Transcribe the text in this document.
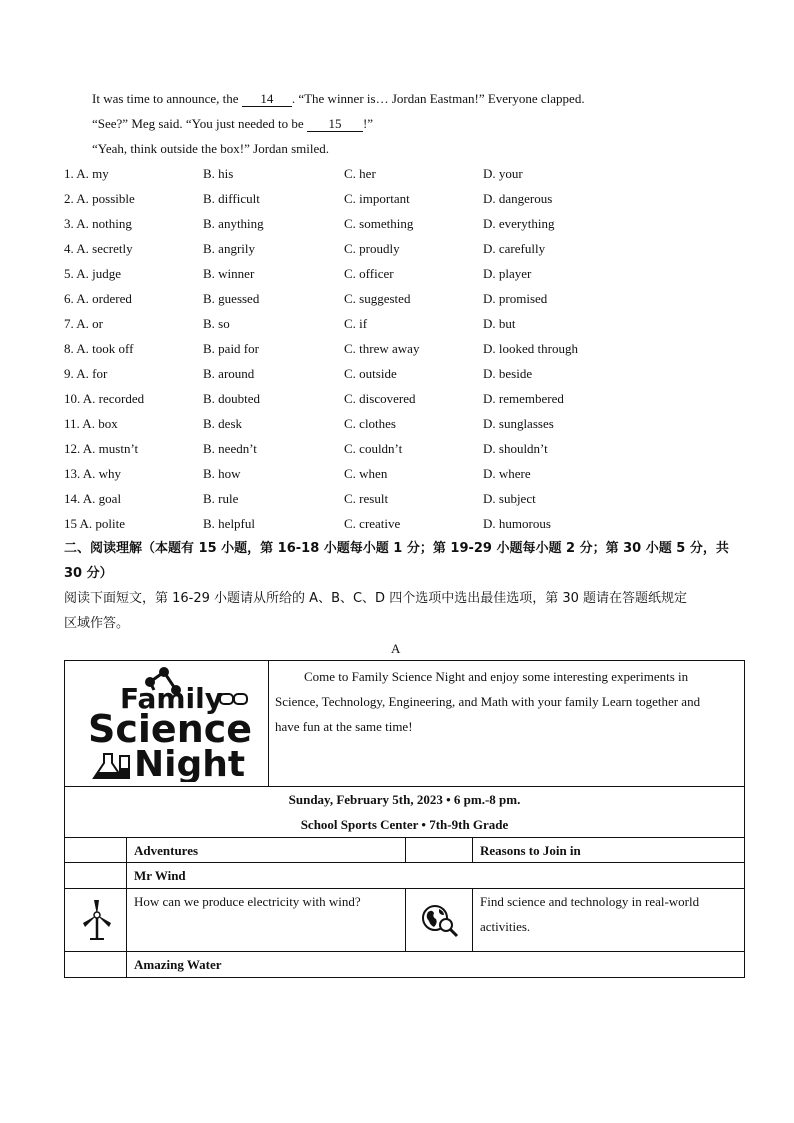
It was time to announce, the 14 . “The winner is… Jordan Eastman!” Everyone clapped.
“See?” Meg said. “You just needed to be 15 !”
“Yeah, think outside the box!” Jordan smiled.
1. A. my	B. his	C. her	D. your
2. A. possible	B. difficult	C. important	D. dangerous
3. A. nothing	B. anything	C. something	D. everything
4. A. secretly	B. angrily	C. proudly	D. carefully
5. A. judge	B. winner	C. officer	D. player
6. A. ordered	B. guessed	C. suggested	D. promised
7. A. or	B. so	C. if	D. but
8. A. took off	B. paid for	C. threw away	D. looked through
9. A. for	B. around	C. outside	D. beside
10. A. recorded	B. doubted	C. discovered	D. remembered
11. A. box	B. desk	C. clothes	D. sunglasses
12. A. mustn’t	B. needn’t	C. couldn’t	D. shouldn’t
13. A. why	B. how	C. when	D. where
14. A. goal	B. rule	C. result	D. subject
15 A. polite	B. helpful	C. creative	D. humorous
二、阅读理解（本题有 15 小题，第 16-18 小题每小题 1 分；第 19-29 小题每小题 2 分；第 30 小题 5 分，共
30 分）
阅读下面短文，第 16-29 小题请从所给的 A、B、C、D 四个选项中选出最佳选项，第 30 题请在答题纸规定
区域作答。
A
Family
Science
Night
Come to Family Science Night and enjoy some interesting experiments in
Science, Technology, Engineering, and Math with your family Learn together and
have fun at the same time!
Sunday, February 5th, 2023 • 6 pm.-8 pm.
School Sports Center • 7th-9th Grade
Adventures	Reasons to Join in
Mr Wind
How can we produce electricity with wind?	Find science and technology in real-world
activities.
Amazing Water
